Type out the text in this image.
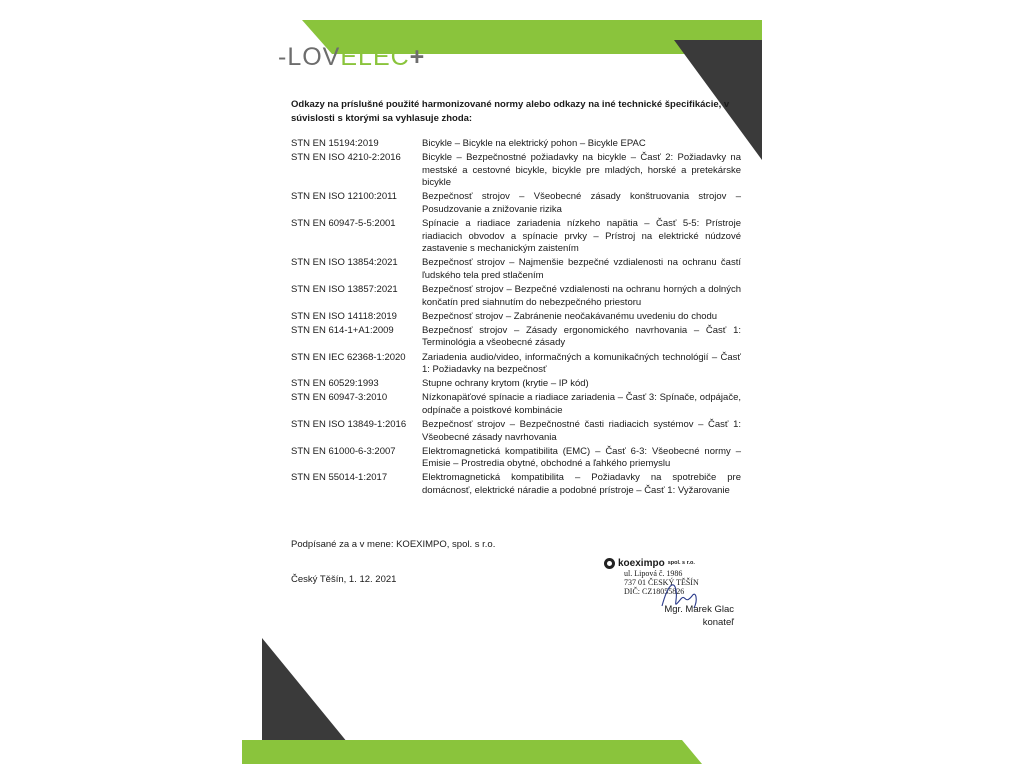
-LOVELEC+

Odkazy na príslušné použité harmonizované normy alebo odkazy na iné technické špecifikácie, v súvislosti s ktorými sa vyhlasuje zhoda:

STN EN 15194:2019	Bicykle – Bicykle na elektrický pohon – Bicykle EPAC
STN EN ISO 4210-2:2016	Bicykle – Bezpečnostné požiadavky na bicykle – Časť 2: Požiadavky na mestské a cestovné bicykle, bicykle pre mladých, horské a pretekárske bicykle
STN EN ISO 12100:2011	Bezpečnosť strojov – Všeobecné zásady konštruovania strojov – Posudzovanie a znižovanie rizika
STN EN 60947-5-5:2001	Spínacie a riadiace zariadenia nízkeho napätia – Časť 5-5: Prístroje riadiacich obvodov a spínacie prvky – Prístroj na elektrické núdzové zastavenie s mechanickým zaistením
STN EN ISO 13854:2021	Bezpečnosť strojov – Najmenšie bezpečné vzdialenosti na ochranu častí ľudského tela pred stlačením
STN EN ISO 13857:2021	Bezpečnosť strojov – Bezpečné vzdialenosti na ochranu horných a dolných končatín pred siahnutím do nebezpečného priestoru
STN EN ISO 14118:2019	Bezpečnosť strojov – Zabránenie neočakávanému uvedeniu do chodu
STN EN 614-1+A1:2009	Bezpečnosť strojov – Zásady ergonomického navrhovania – Časť 1: Terminológia a všeobecné zásady
STN EN IEC 62368-1:2020	Zariadenia audio/video, informačných a komunikačných technológií – Časť 1: Požiadavky na bezpečnosť
STN EN 60529:1993	Stupne ochrany krytom (krytie – IP kód)
STN EN 60947-3:2010	Nízkonapäťové spínacie a riadiace zariadenia – Časť 3: Spínače, odpájače, odpínače a poistkové kombinácie
STN EN ISO 13849-1:2016	Bezpečnosť strojov – Bezpečnostné časti riadiacich systémov – Časť 1: Všeobecné zásady navrhovania
STN EN 61000-6-3:2007	Elektromagnetická kompatibilita (EMC) – Časť 6-3: Všeobecné normy – Emisie – Prostredia obytné, obchodné a ľahkého priemyslu
STN EN 55014-1:2017	Elektromagnetická kompatibilita – Požiadavky na spotrebiče pre domácnosť, elektrické náradie a podobné prístroje – Časť 1: Vyžarovanie

Podpísané za a v mene: KOEXIMPO, spol. s r.o.

Český Těšín, 1. 12. 2021

koeximpo spol. s r.o.
ul. Lipová č. 1986
737 01 ČESKÝ TĚŠÍN
DIČ: CZ18055826
Mgr. Marek Glac
konateľ
